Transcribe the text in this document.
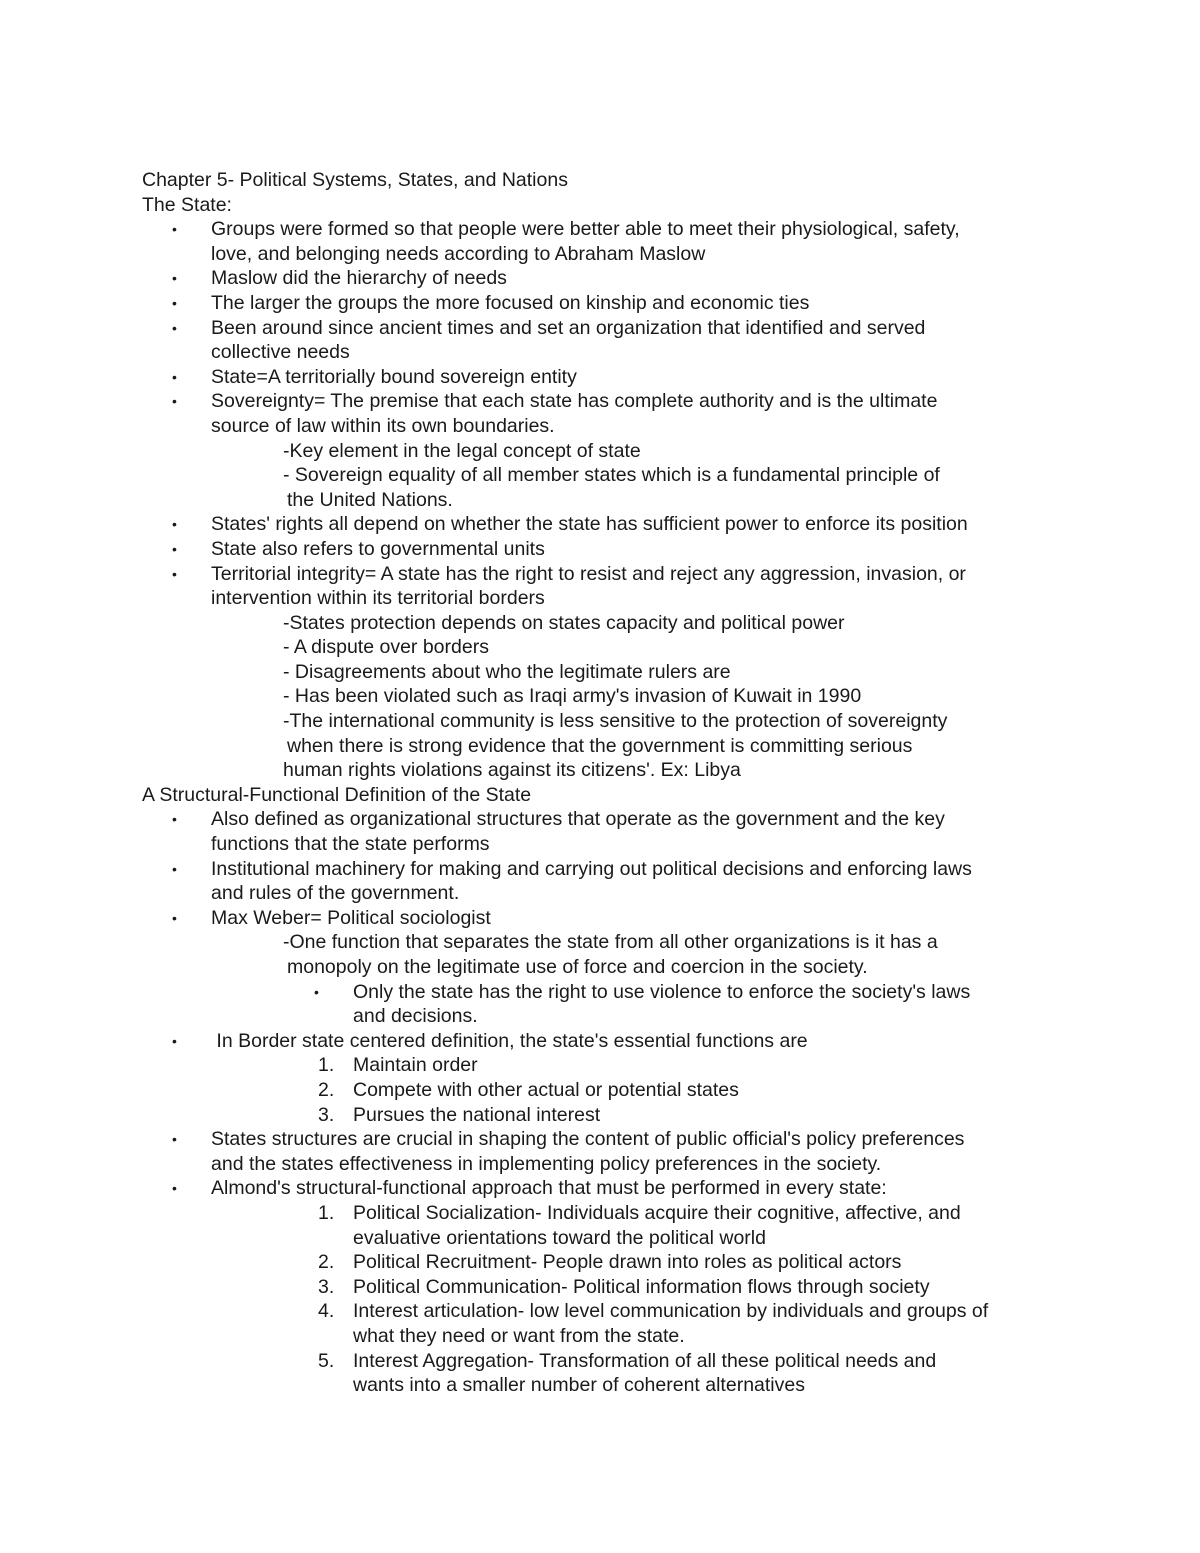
Chapter 5- Political Systems, States, and Nations
The State:
• Groups were formed so that people were better able to meet their physiological, safety,
love, and belonging needs according to Abraham Maslow
• Maslow did the hierarchy of needs
• The larger the groups the more focused on kinship and economic ties
• Been around since ancient times and set an organization that identified and served
collective needs
• State=A territorially bound sovereign entity
• Sovereignty= The premise that each state has complete authority and is the ultimate
source of law within its own boundaries.
-Key element in the legal concept of state
- Sovereign equality of all member states which is a fundamental principle of
the United Nations.
• States' rights all depend on whether the state has sufficient power to enforce its position
• State also refers to governmental units
• Territorial integrity= A state has the right to resist and reject any aggression, invasion, or
intervention within its territorial borders
-States protection depends on states capacity and political power
- A dispute over borders
- Disagreements about who the legitimate rulers are
- Has been violated such as Iraqi army's invasion of Kuwait in 1990
-The international community is less sensitive to the protection of sovereignty
when there is strong evidence that the government is committing serious
human rights violations against its citizens'. Ex: Libya
A Structural-Functional Definition of the State
• Also defined as organizational structures that operate as the government and the key
functions that the state performs
• Institutional machinery for making and carrying out political decisions and enforcing laws
and rules of the government.
• Max Weber= Political sociologist
-One function that separates the state from all other organizations is it has a
monopoly on the legitimate use of force and coercion in the society.
• Only the state has the right to use violence to enforce the society's laws
and decisions.
• In Border state centered definition, the state's essential functions are
1. Maintain order
2. Compete with other actual or potential states
3. Pursues the national interest
• States structures are crucial in shaping the content of public official's policy preferences
and the states effectiveness in implementing policy preferences in the society.
• Almond's structural-functional approach that must be performed in every state:
1. Political Socialization- Individuals acquire their cognitive, affective, and
evaluative orientations toward the political world
2. Political Recruitment- People drawn into roles as political actors
3. Political Communication- Political information flows through society
4. Interest articulation- low level communication by individuals and groups of
what they need or want from the state.
5. Interest Aggregation- Transformation of all these political needs and
wants into a smaller number of coherent alternatives
